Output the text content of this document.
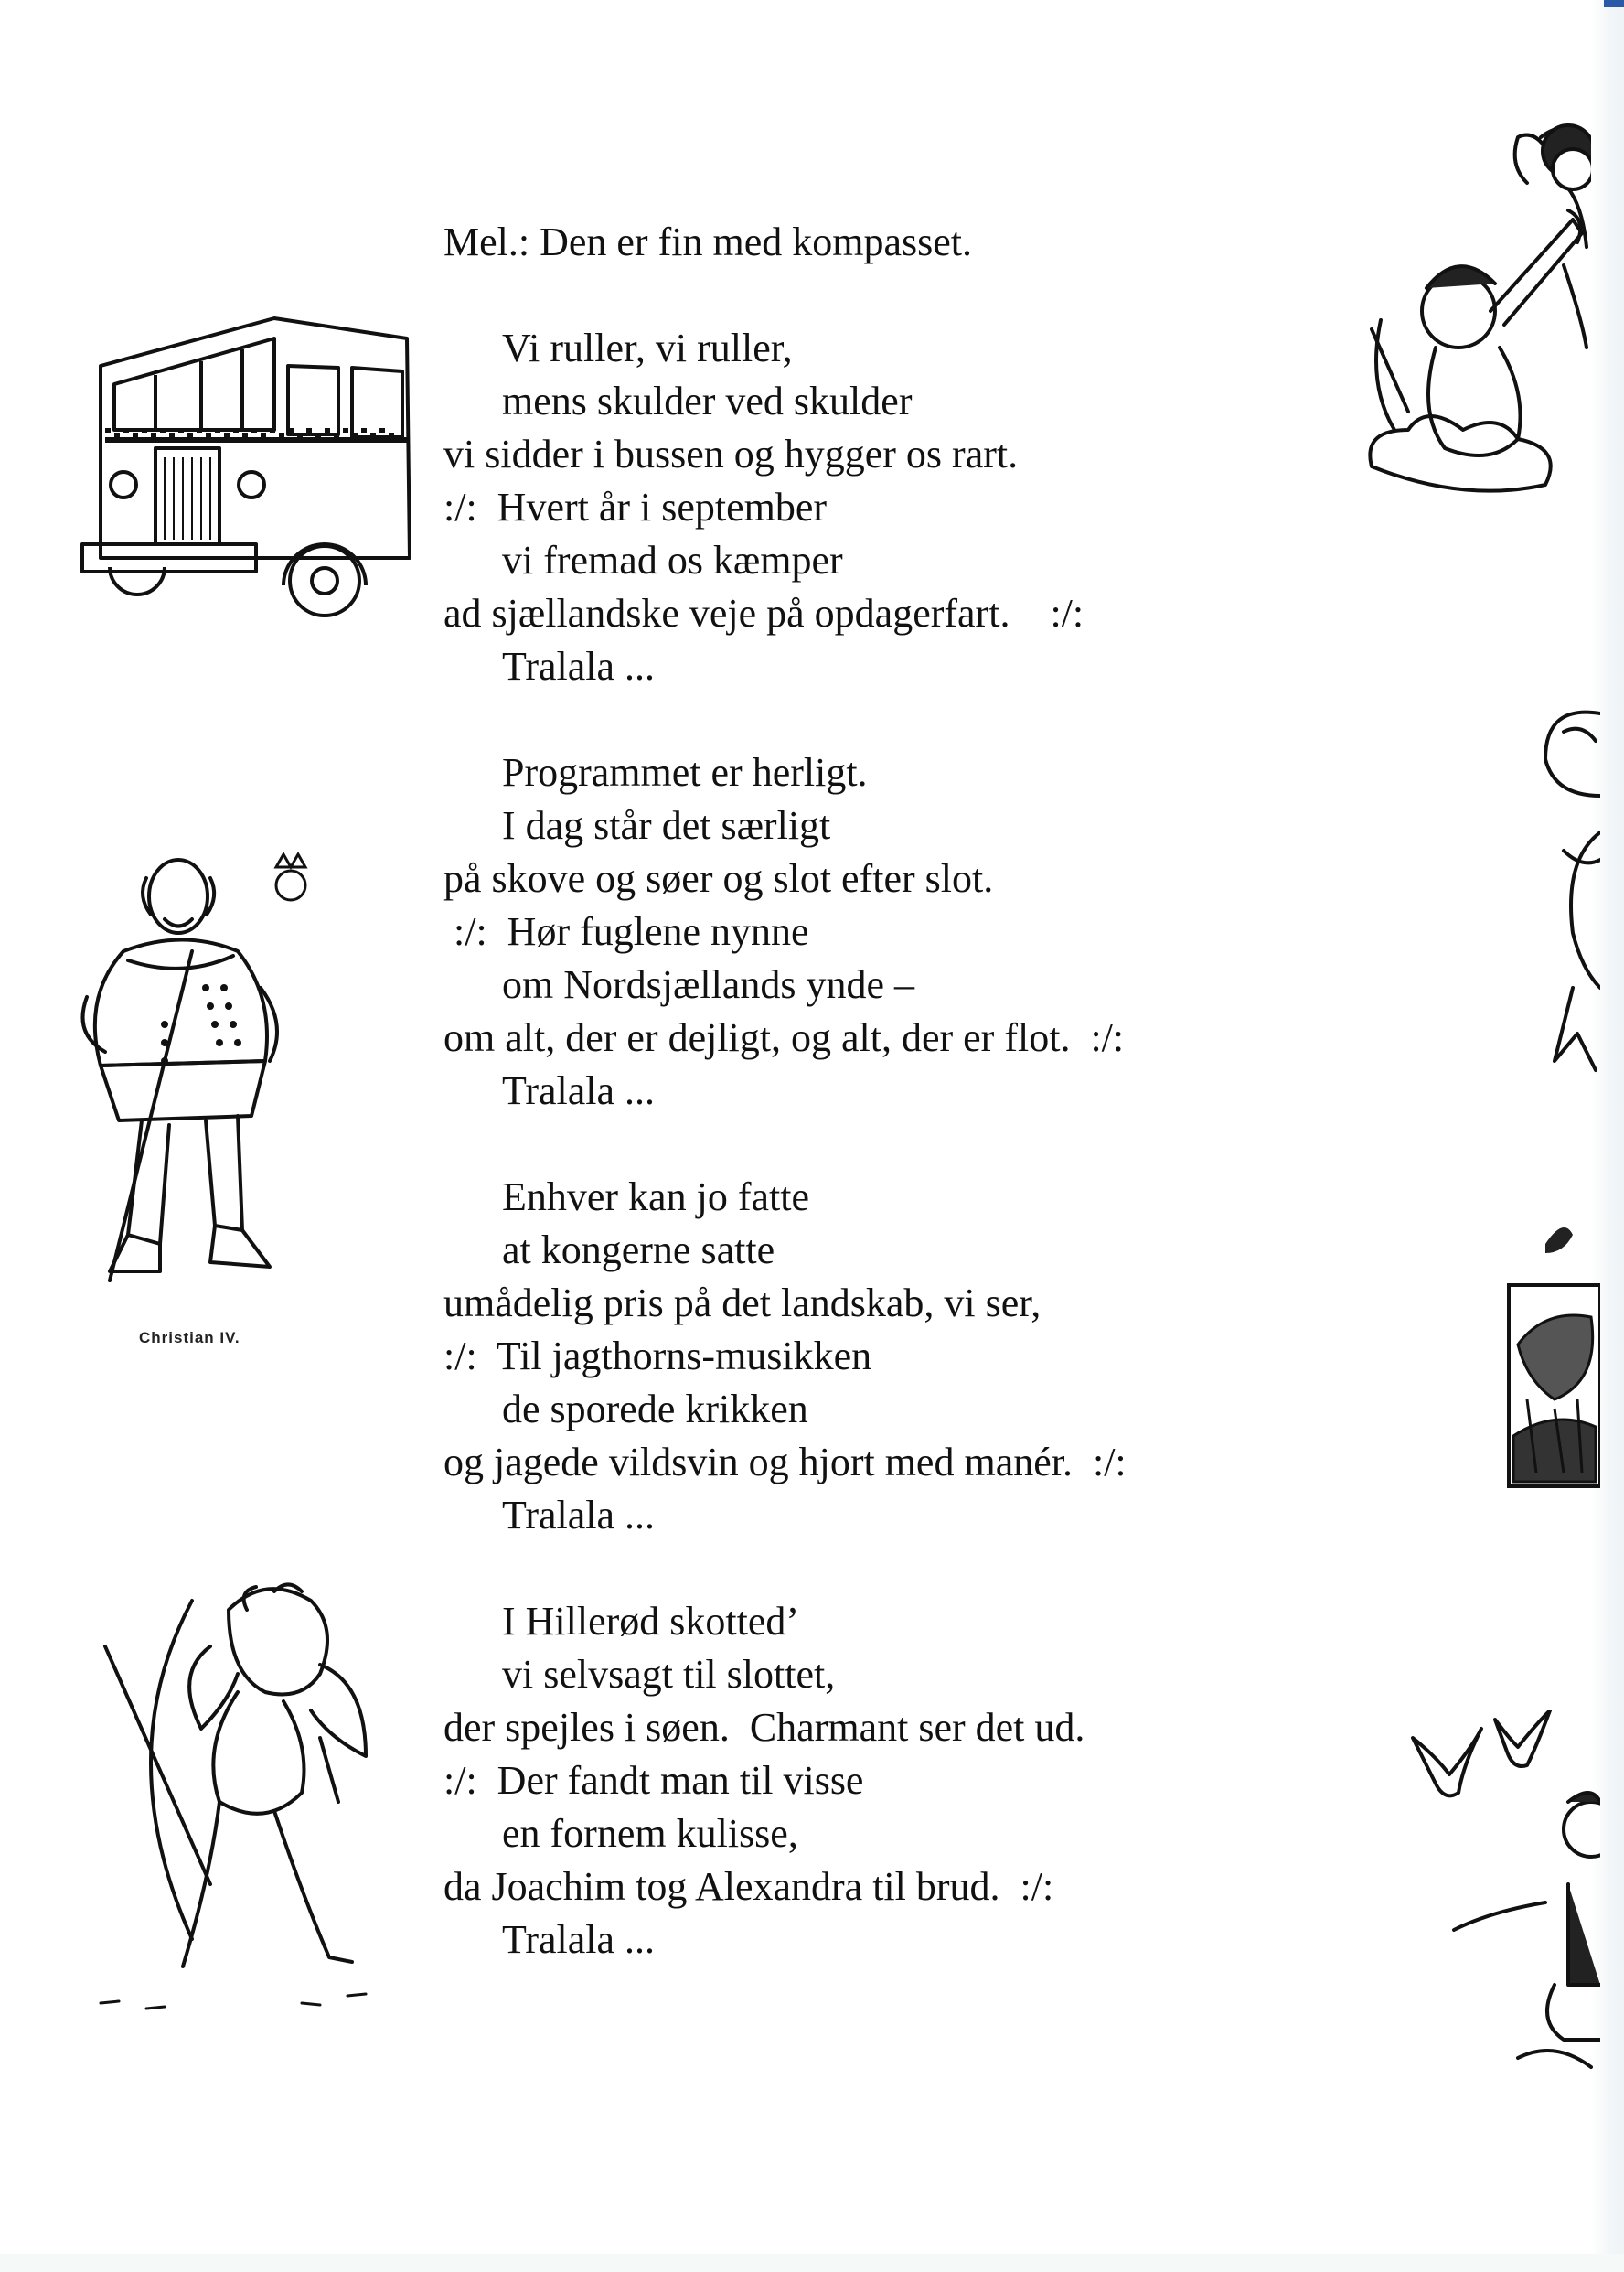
Mel.: Den er fin med kompasset.
Vi ruller, vi ruller,
mens skulder ved skulder
vi sidder i bussen og hygger os rart.
:/:  Hvert år i september
vi fremad os kæmper
ad sjællandske veje på opdagerfart.    :/:
Tralala ...
Programmet er herligt.
I dag står det særligt
på skove og søer og slot efter slot.
:/:  Hør fuglene nynne
om Nordsjællands ynde –
om alt, der er dejligt, og alt, der er flot.  :/:
Tralala ...
Enhver kan jo fatte
at kongerne satte
umådelig pris på det landskab, vi ser,
:/:  Til jagthorns-musikken
de sporede krikken
og jagede vildsvin og hjort med manér.  :/:
Tralala ...
I Hillerød skotted’
vi selvsagt til slottet,
der spejles i søen.  Charmant ser det ud.
:/:  Der fandt man til visse
en fornem kulisse,
da Joachim tog Alexandra til brud.  :/:
Tralala ...
Christian IV.
